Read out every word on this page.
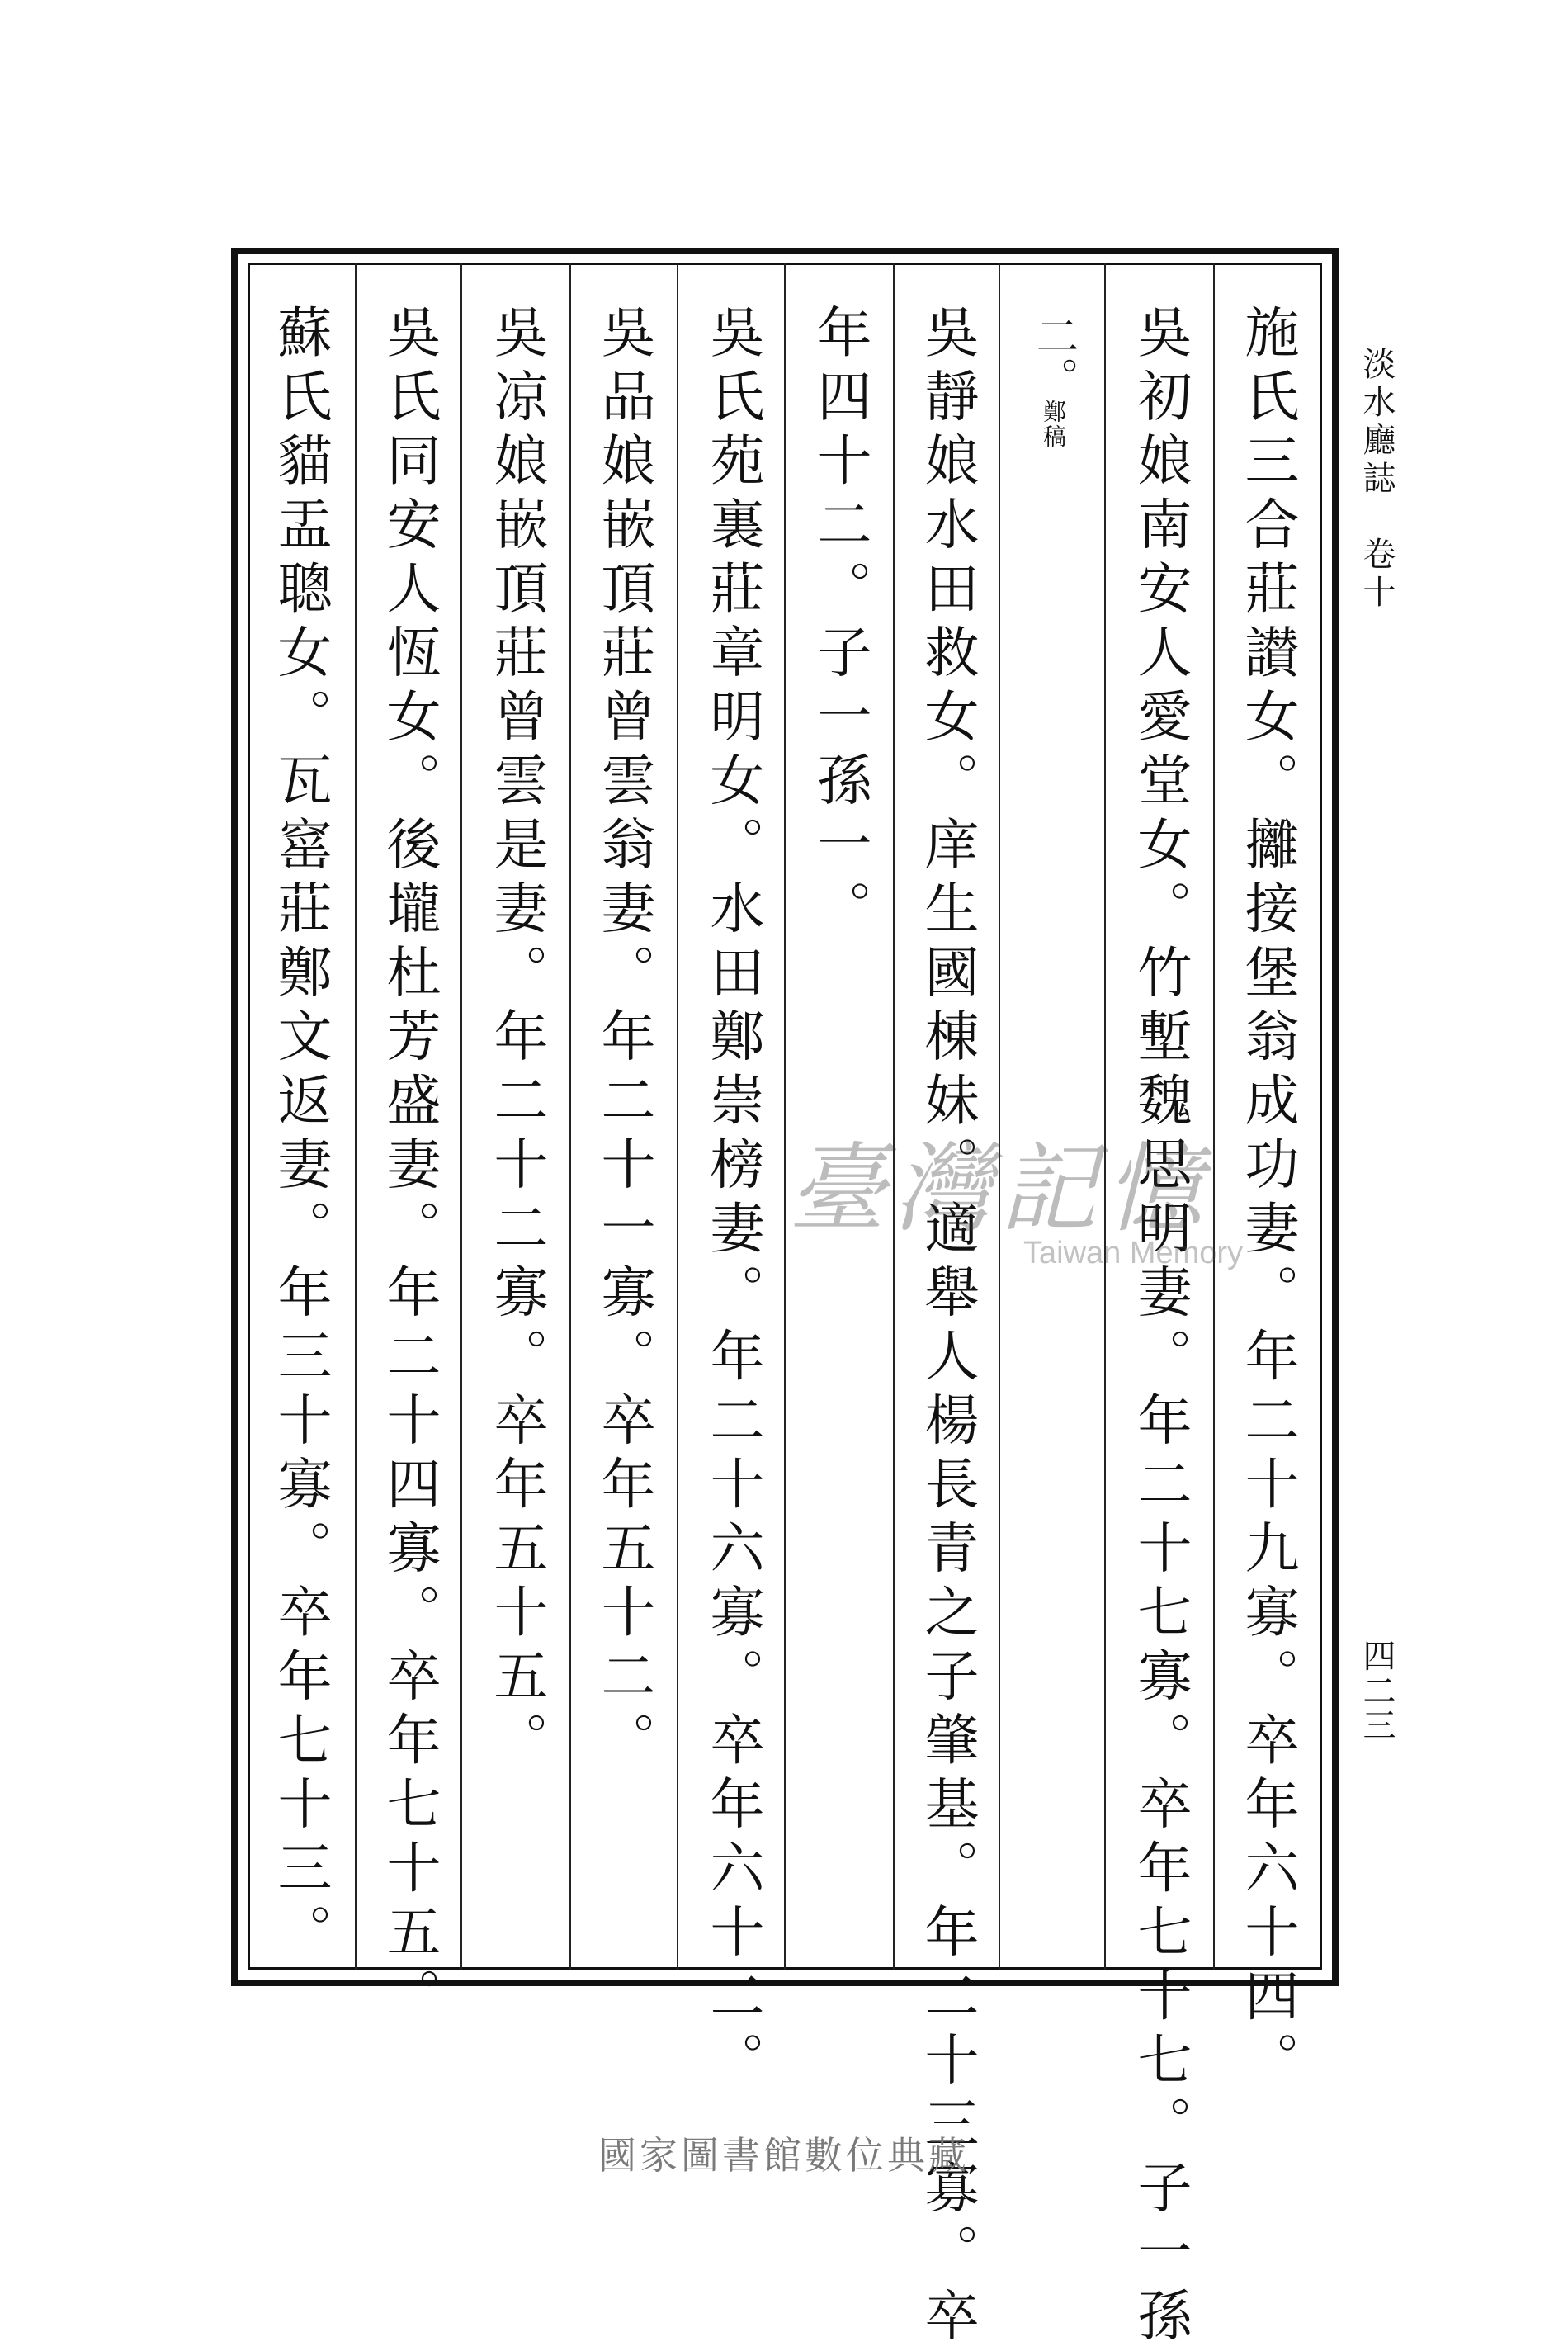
施氏三合莊讃女。攡接堡翁成功妻。年二十九寡。卒年六十四。
吳初娘南安人愛堂女。竹塹魏思明妻。年二十七寡。卒年七十七。子一孫
二。鄭稿
吳靜娘水田救女。庠生國棟妹。適舉人楊長青之子肇基。年二十三寡。卒
年四十二。子一孫一。
吳氏苑裏莊章明女。水田鄭崇榜妻。年二十六寡。卒年六十二。
吳品娘嵌頂莊曾雲翁妻。年二十一寡。卒年五十二。
吳凉娘嵌頂莊曾雲是妻。年二十二寡。卒年五十五。
吳氏同安人恆女。後壠杜芳盛妻。年二十四寡。卒年七十五。
蘇氏貓盂聰女。瓦窰莊鄭文返妻。年三十寡。卒年七十三。	淡水廳誌　卷十
四二三
臺灣記憶
Taiwan Memory
國家圖書館數位典藏
